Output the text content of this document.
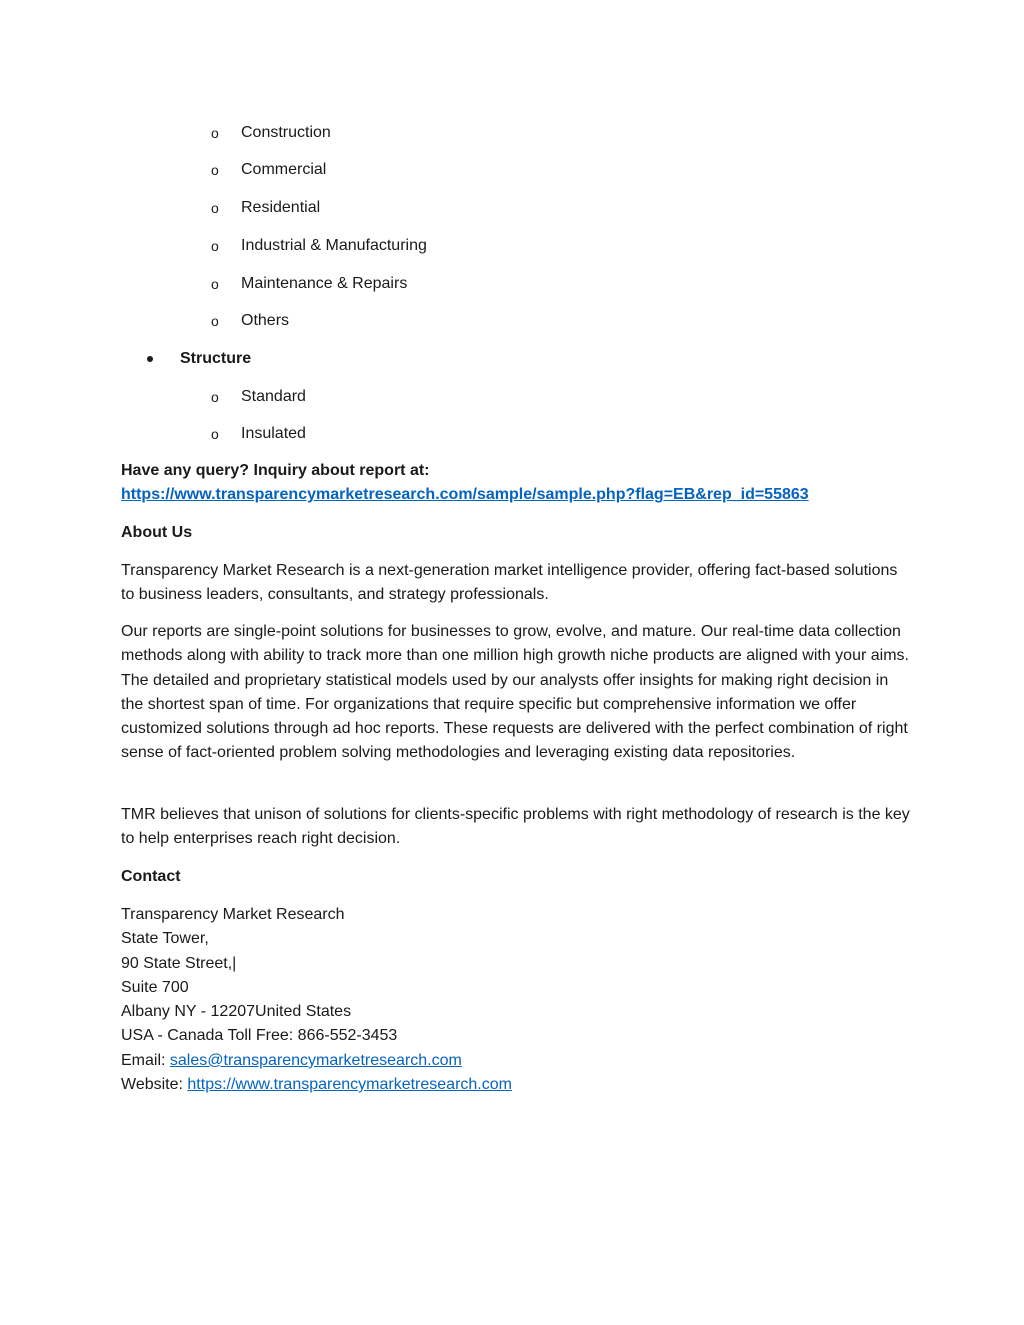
o Construction
o Commercial
o Residential
o Industrial & Manufacturing
o Maintenance & Repairs
o Others
Structure
o Standard
o Insulated
Have any query? Inquiry about report at:
https://www.transparencymarketresearch.com/sample/sample.php?flag=EB&rep_id=55863
About Us
Transparency Market Research is a next-generation market intelligence provider, offering fact-based solutions to business leaders, consultants, and strategy professionals.
Our reports are single-point solutions for businesses to grow, evolve, and mature. Our real-time data collection methods along with ability to track more than one million high growth niche products are aligned with your aims. The detailed and proprietary statistical models used by our analysts offer insights for making right decision in the shortest span of time. For organizations that require specific but comprehensive information we offer customized solutions through ad hoc reports. These requests are delivered with the perfect combination of right sense of fact-oriented problem solving methodologies and leveraging existing data repositories.
TMR believes that unison of solutions for clients-specific problems with right methodology of research is the key to help enterprises reach right decision.
Contact
Transparency Market Research
State Tower,
90 State Street,|
Suite 700
Albany NY - 12207United States
USA - Canada Toll Free: 866-552-3453
Email: sales@transparencymarketresearch.com
Website: https://www.transparencymarketresearch.com
